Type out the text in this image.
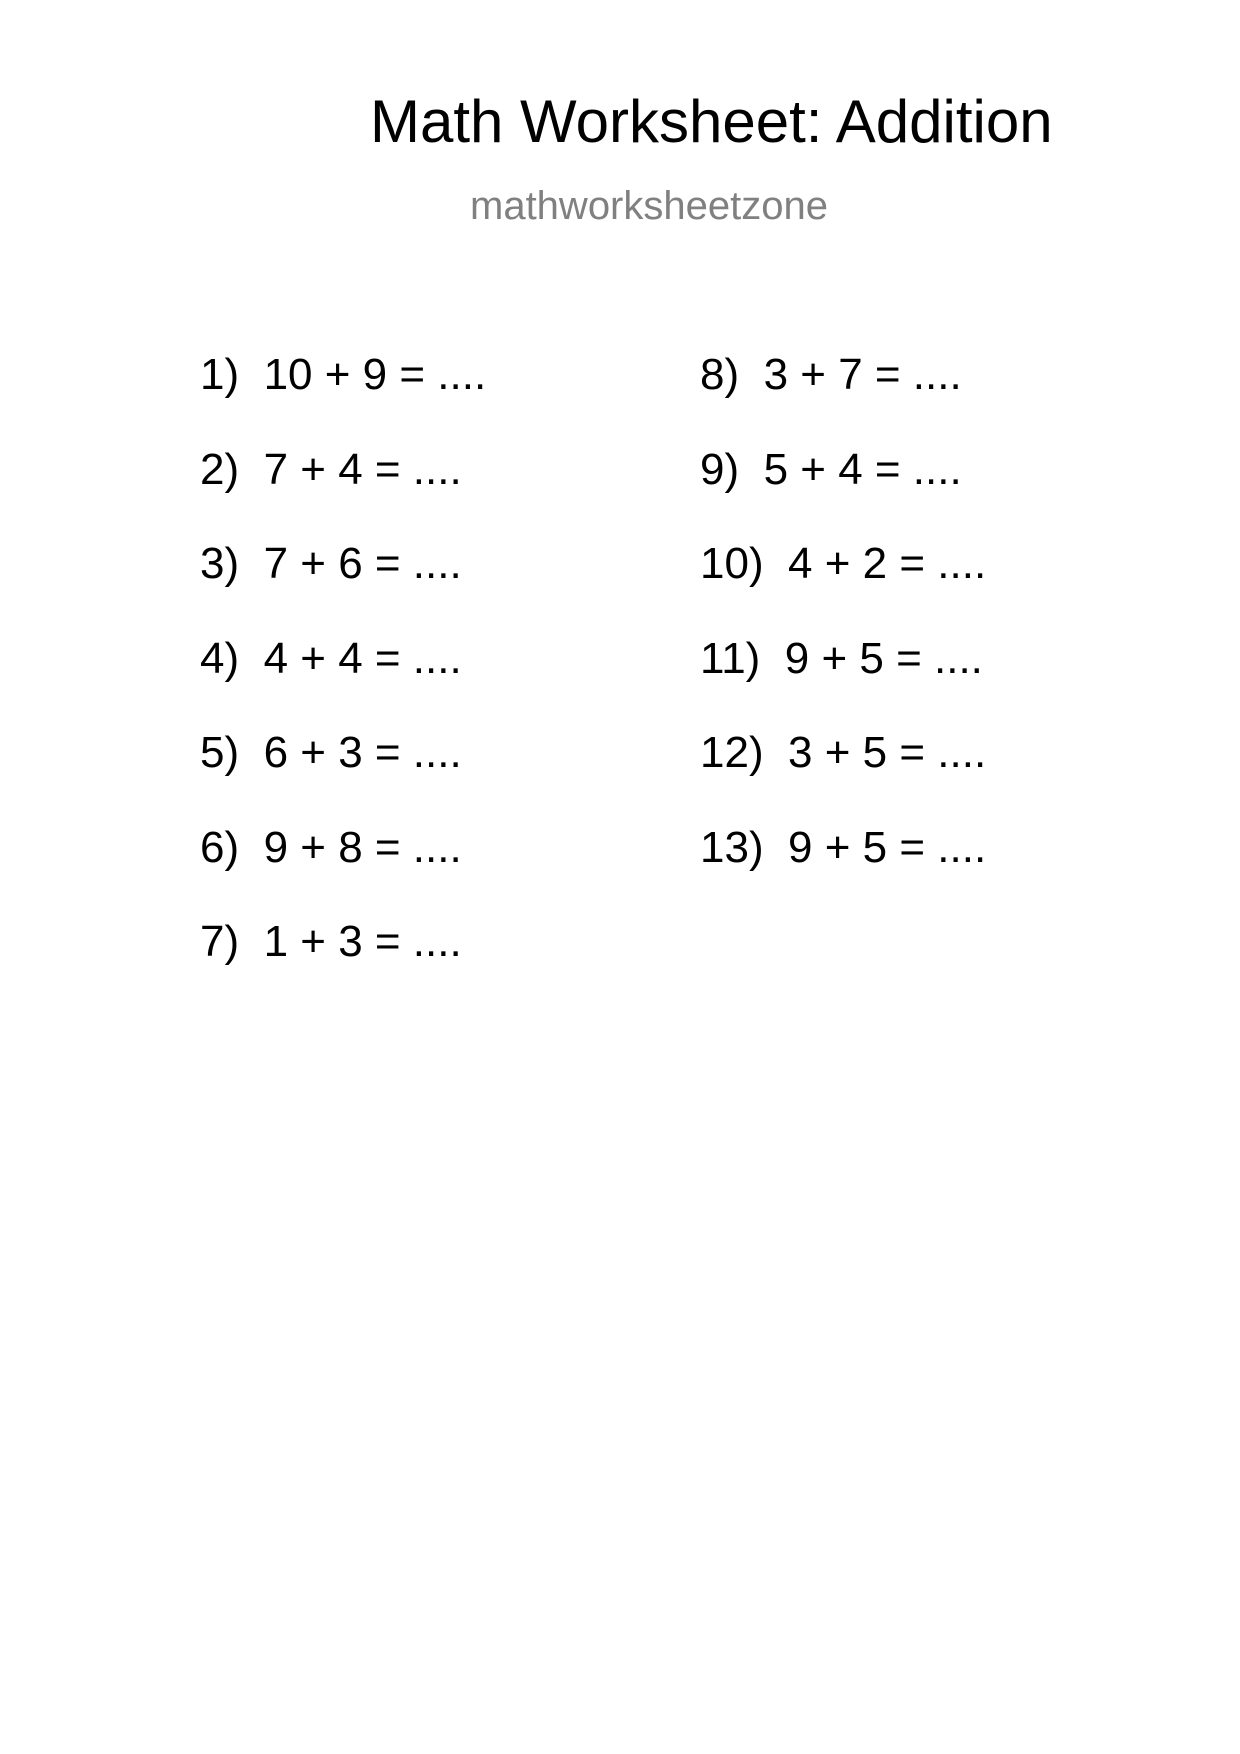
Math Worksheet: Addition
mathworksheetzone
1)  10 + 9 = ....
2)  7 + 4 = ....
3)  7 + 6 = ....
4)  4 + 4 = ....
5)  6 + 3 = ....
6)  9 + 8 = ....
7)  1 + 3 = ....
8)  3 + 7 = ....
9)  5 + 4 = ....
10)  4 + 2 = ....
11)  9 + 5 = ....
12)  3 + 5 = ....
13)  9 + 5 = ....
